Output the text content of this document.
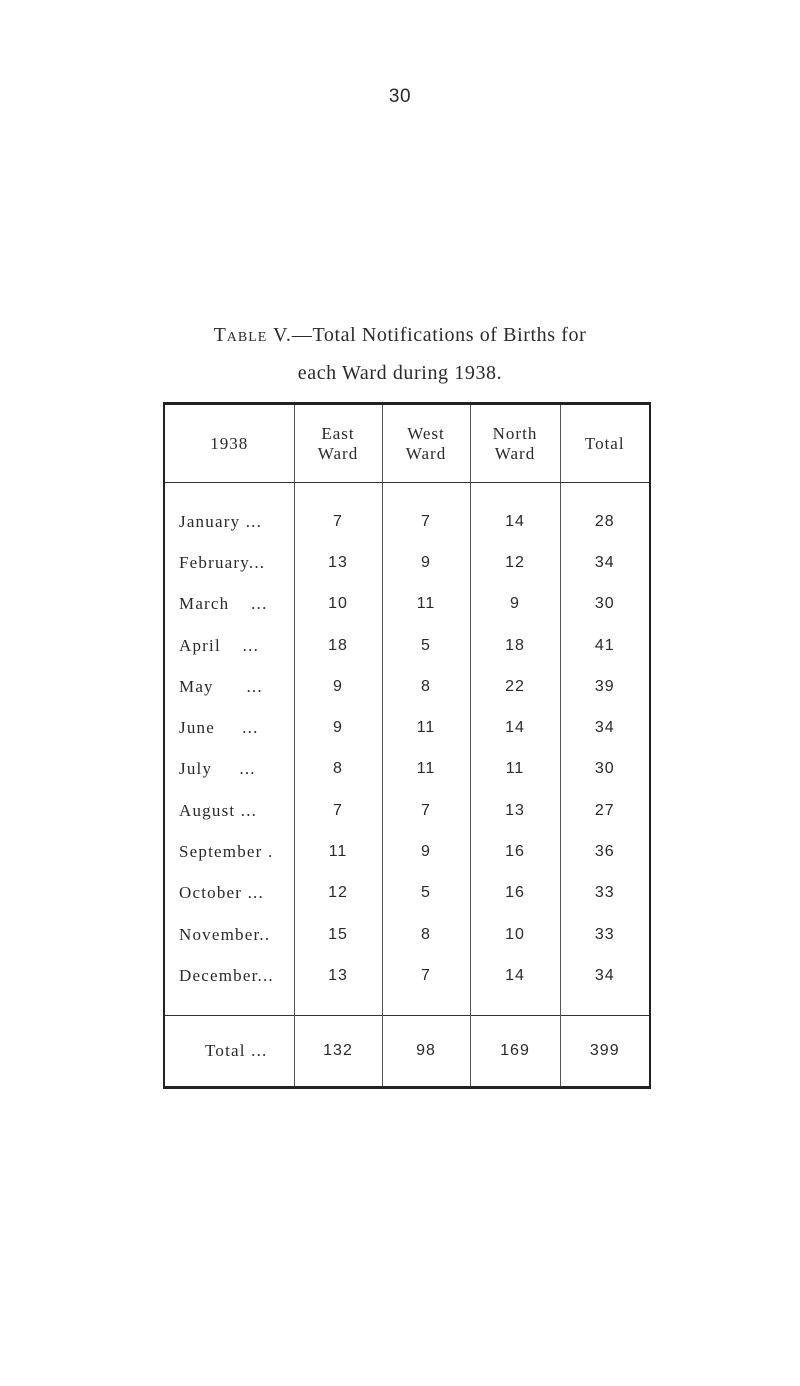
30
Table V.—Total Notifications of Births for
each Ward during 1938.
1938	East Ward	West Ward	North Ward	Total
January ...	7	7	14	28
February...	13	9	12	34
March    ...	10	11	9	30
April    ...	18	5	18	41
May      ...	9	8	22	39
June     ...	9	11	14	34
July     ...	8	11	11	30
August ...	7	7	13	27
September .	11	9	16	36
October ...	12	5	16	33
November..	15	8	10	33
December...	13	7	14	34
Total ...	132	98	169	399
